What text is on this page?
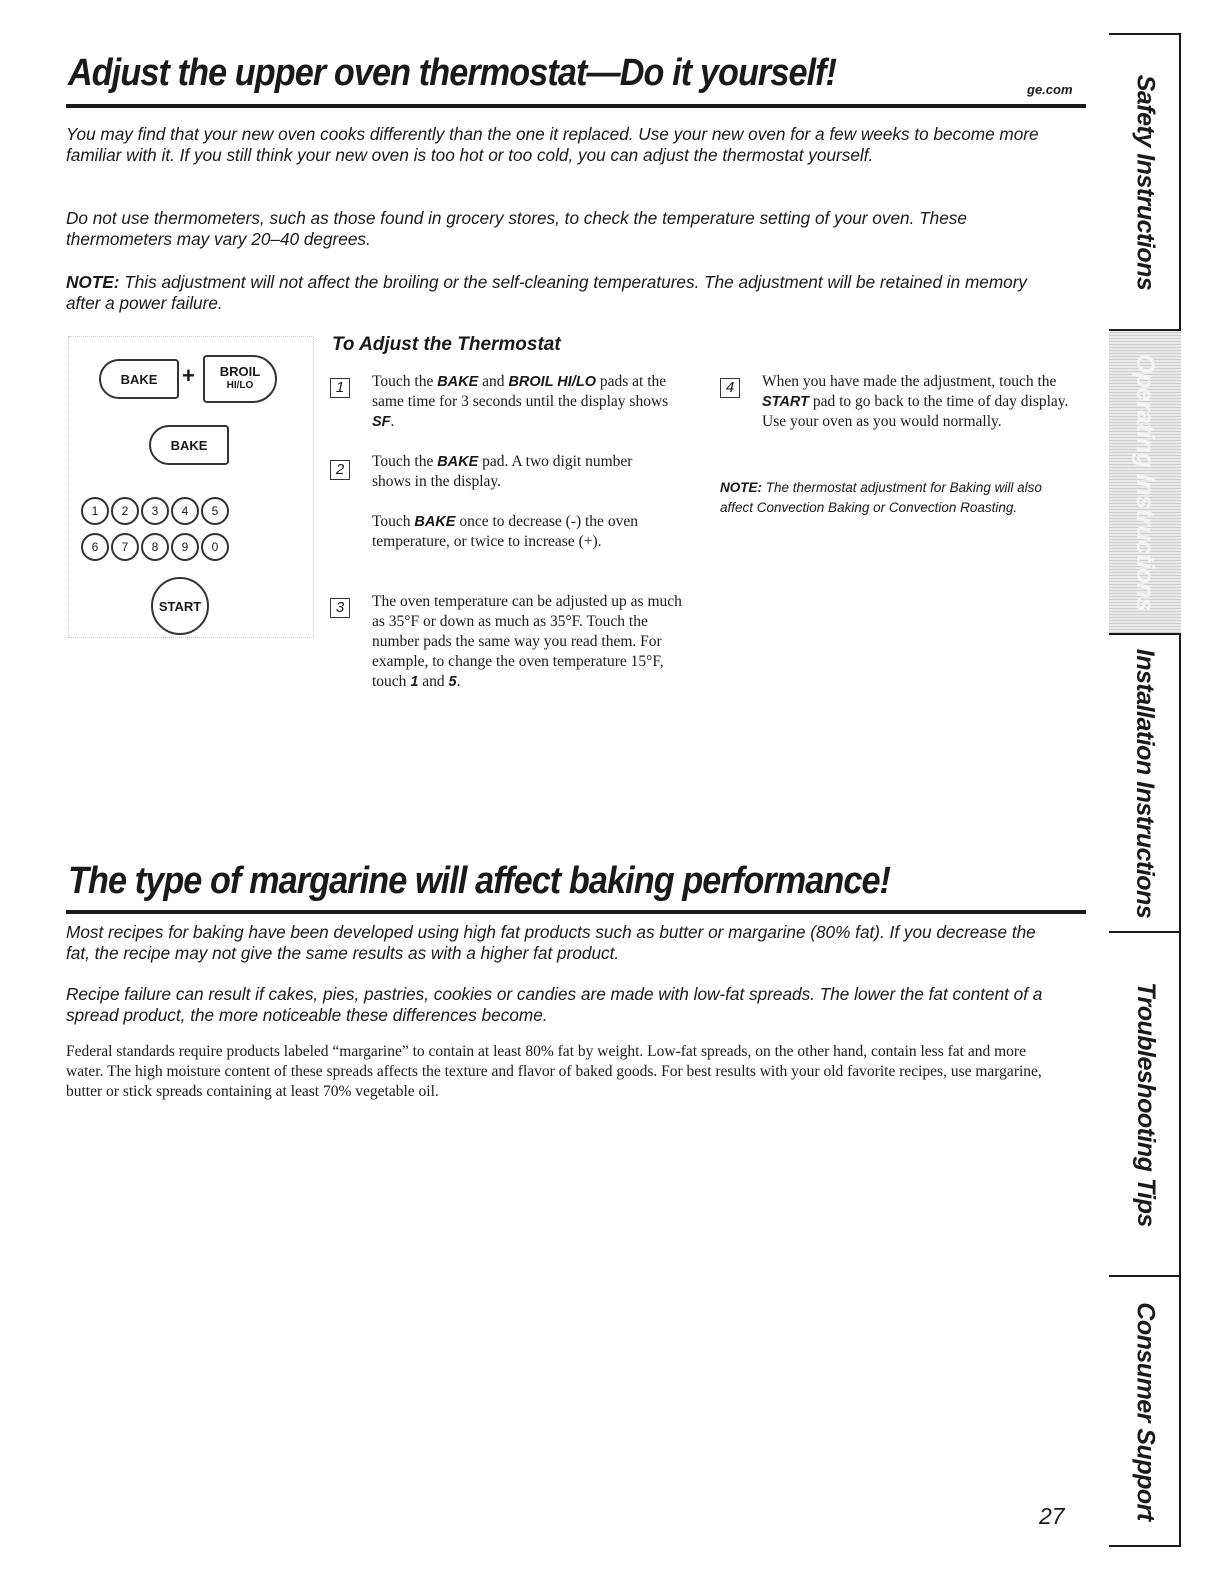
Adjust the upper oven thermostat—Do it yourself!	ge.com

You may find that your new oven cooks differently than the one it replaced. Use your new oven for a few weeks to become more familiar with it. If you still think your new oven is too hot or too cold, you can adjust the thermostat yourself.

Do not use thermometers, such as those found in grocery stores, to check the temperature setting of your oven. These thermometers may vary 20–40 degrees.

NOTE: This adjustment will not affect the broiling or the self-cleaning temperatures. The adjustment will be retained in memory after a power failure.

BAKE + BROIL
HI/LO
BAKE
1	2	3	4	5
6	7	8	9	0
START
To Adjust the Thermostat
1	Touch the BAKE and BROIL HI/LO pads at the same time for 3 seconds until the display shows SF.

2	Touch the BAKE pad. A two digit number shows in the display.

Touch BAKE once to decrease (-) the oven temperature, or twice to increase (+).

3	The oven temperature can be adjusted up as much as 35°F or down as much as 35°F. Touch the number pads the same way you read them. For example, to change the oven temperature 15°F, touch 1 and 5.

4	When you have made the adjustment, touch the START pad to go back to the time of day display. Use your oven as you would normally.

NOTE: The thermostat adjustment for Baking will also affect Convection Baking or Convection Roasting.

The type of margarine will affect baking performance!

Most recipes for baking have been developed using high fat products such as butter or margarine (80% fat). If you decrease the fat, the recipe may not give the same results as with a higher fat product.

Recipe failure can result if cakes, pies, pastries, cookies or candies are made with low-fat spreads. The lower the fat content of a spread product, the more noticeable these differences become.

Federal standards require products labeled “margarine” to contain at least 80% fat by weight. Low-fat spreads, on the other hand, contain less fat and more water. The high moisture content of these spreads affects the texture and flavor of baked goods. For best results with your old favorite recipes, use margarine, butter or stick spreads containing at least 70% vegetable oil.

Safety Instructions
Operating Instructions
Installation Instructions
Troubleshooting Tips
Consumer Support
27
